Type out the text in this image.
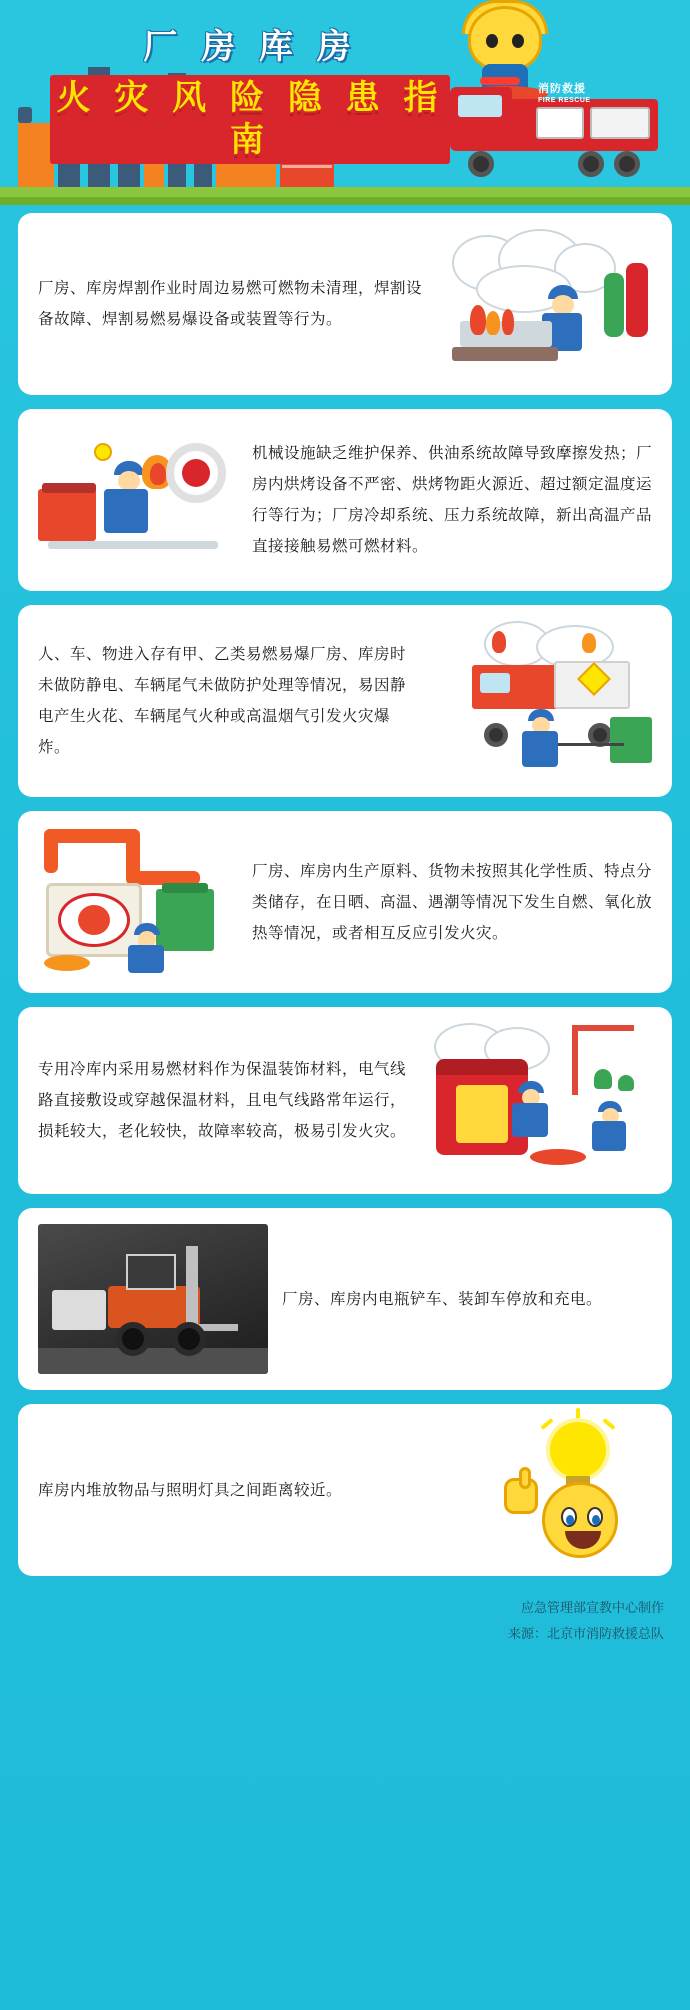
消防救援
FIRE RESCUE
厂 房 库 房
火 灾 风 险 隐 患 指 南
厂房、库房焊割作业时周边易燃可燃物未清理，焊割设备故障、焊割易燃易爆设备或装置等行为。
机械设施缺乏维护保养、供油系统故障导致摩擦发热；厂房内烘烤设备不严密、烘烤物距火源近、超过额定温度运行等行为；厂房冷却系统、压力系统故障，新出高温产品直接接触易燃可燃材料。
人、车、物进入存有甲、乙类易燃易爆厂房、库房时未做防静电、车辆尾气未做防护处理等情况，易因静电产生火花、车辆尾气火种或高温烟气引发火灾爆炸。
厂房、库房内生产原料、货物未按照其化学性质、特点分类储存，在日晒、高温、遇潮等情况下发生自燃、氧化放热等情况，或者相互反应引发火灾。
专用冷库内采用易燃材料作为保温装饰材料，电气线路直接敷设或穿越保温材料，且电气线路常年运行，损耗较大，老化较快，故障率较高，极易引发火灾。
厂房、库房内电瓶铲车、装卸车停放和充电。
库房内堆放物品与照明灯具之间距离较近。
应急管理部宣教中心制作
来源：北京市消防救援总队
